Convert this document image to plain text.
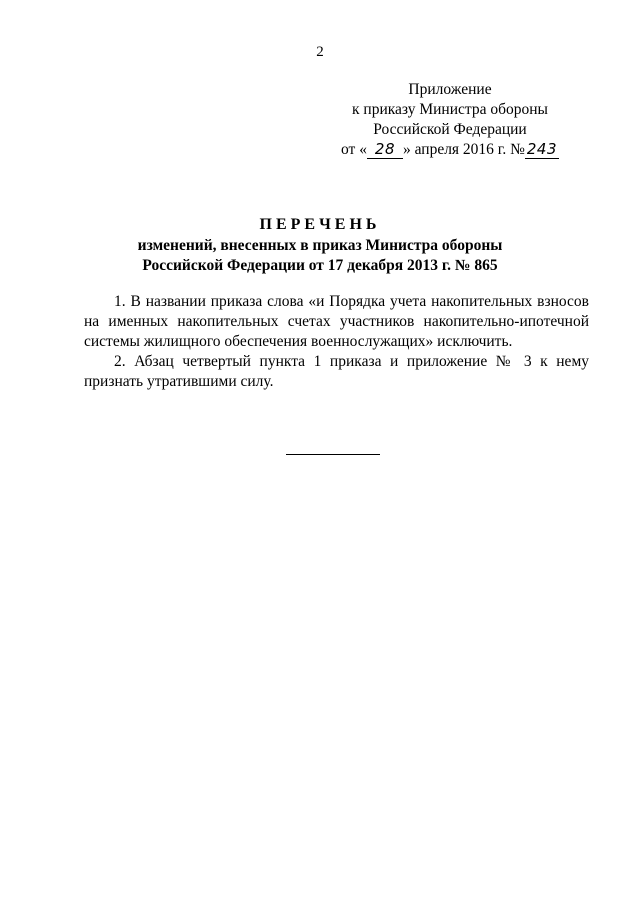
2
Приложение
к приказу Министра обороны
Российской Федерации
от « 28 » апреля 2016 г. № 243
ПЕРЕЧЕНЬ
изменений, внесенных в приказ Министра обороны
Российской Федерации от 17 декабря 2013 г. № 865

1. В названии приказа слова «и Порядка учета накопительных взносов на именных накопительных счетах участников накопительно-ипотечной системы жилищного обеспечения военнослужащих» исключить.

2. Абзац четвертый пункта 1 приказа и приложение № 3 к нему признать утратившими силу.
